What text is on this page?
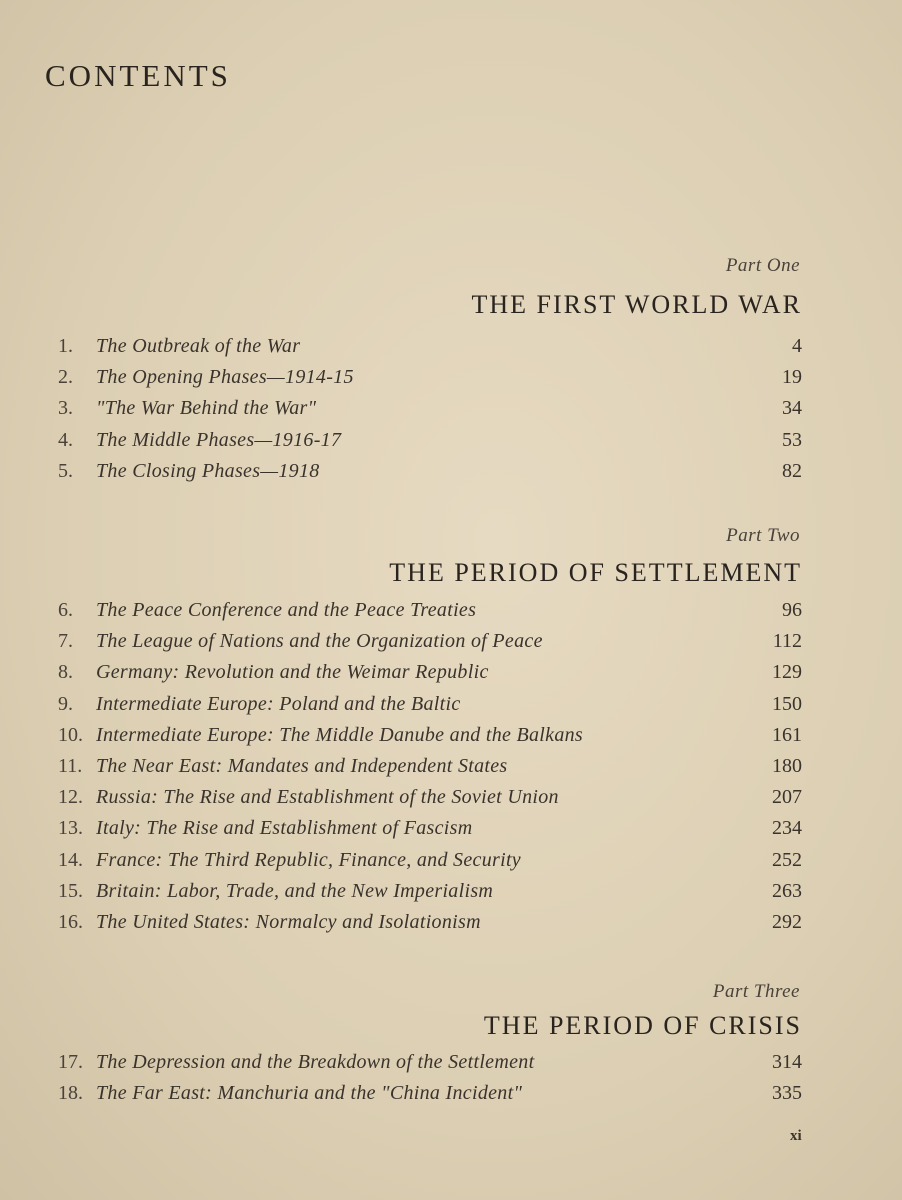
CONTENTS
Part One
THE FIRST WORLD WAR
1.	The Outbreak of the War	4
2.	The Opening Phases—1914-15	19
3.	"The War Behind the War"	34
4.	The Middle Phases—1916-17	53
5.	The Closing Phases—1918	82
Part Two
THE PERIOD OF SETTLEMENT
6.	The Peace Conference and the Peace Treaties	96
7.	The League of Nations and the Organization of Peace	112
8.	Germany: Revolution and the Weimar Republic	129
9.	Intermediate Europe: Poland and the Baltic	150
10. Intermediate Europe: The Middle Danube and the Balkans	161
11. The Near East: Mandates and Independent States	180
12. Russia: The Rise and Establishment of the Soviet Union	207
13. Italy: The Rise and Establishment of Fascism	234
14. France: The Third Republic, Finance, and Security	252
15. Britain: Labor, Trade, and the New Imperialism	263
16. The United States: Normalcy and Isolationism	292
Part Three
THE PERIOD OF CRISIS
17. The Depression and the Breakdown of the Settlement	314
18. The Far East: Manchuria and the "China Incident"	335
xi
